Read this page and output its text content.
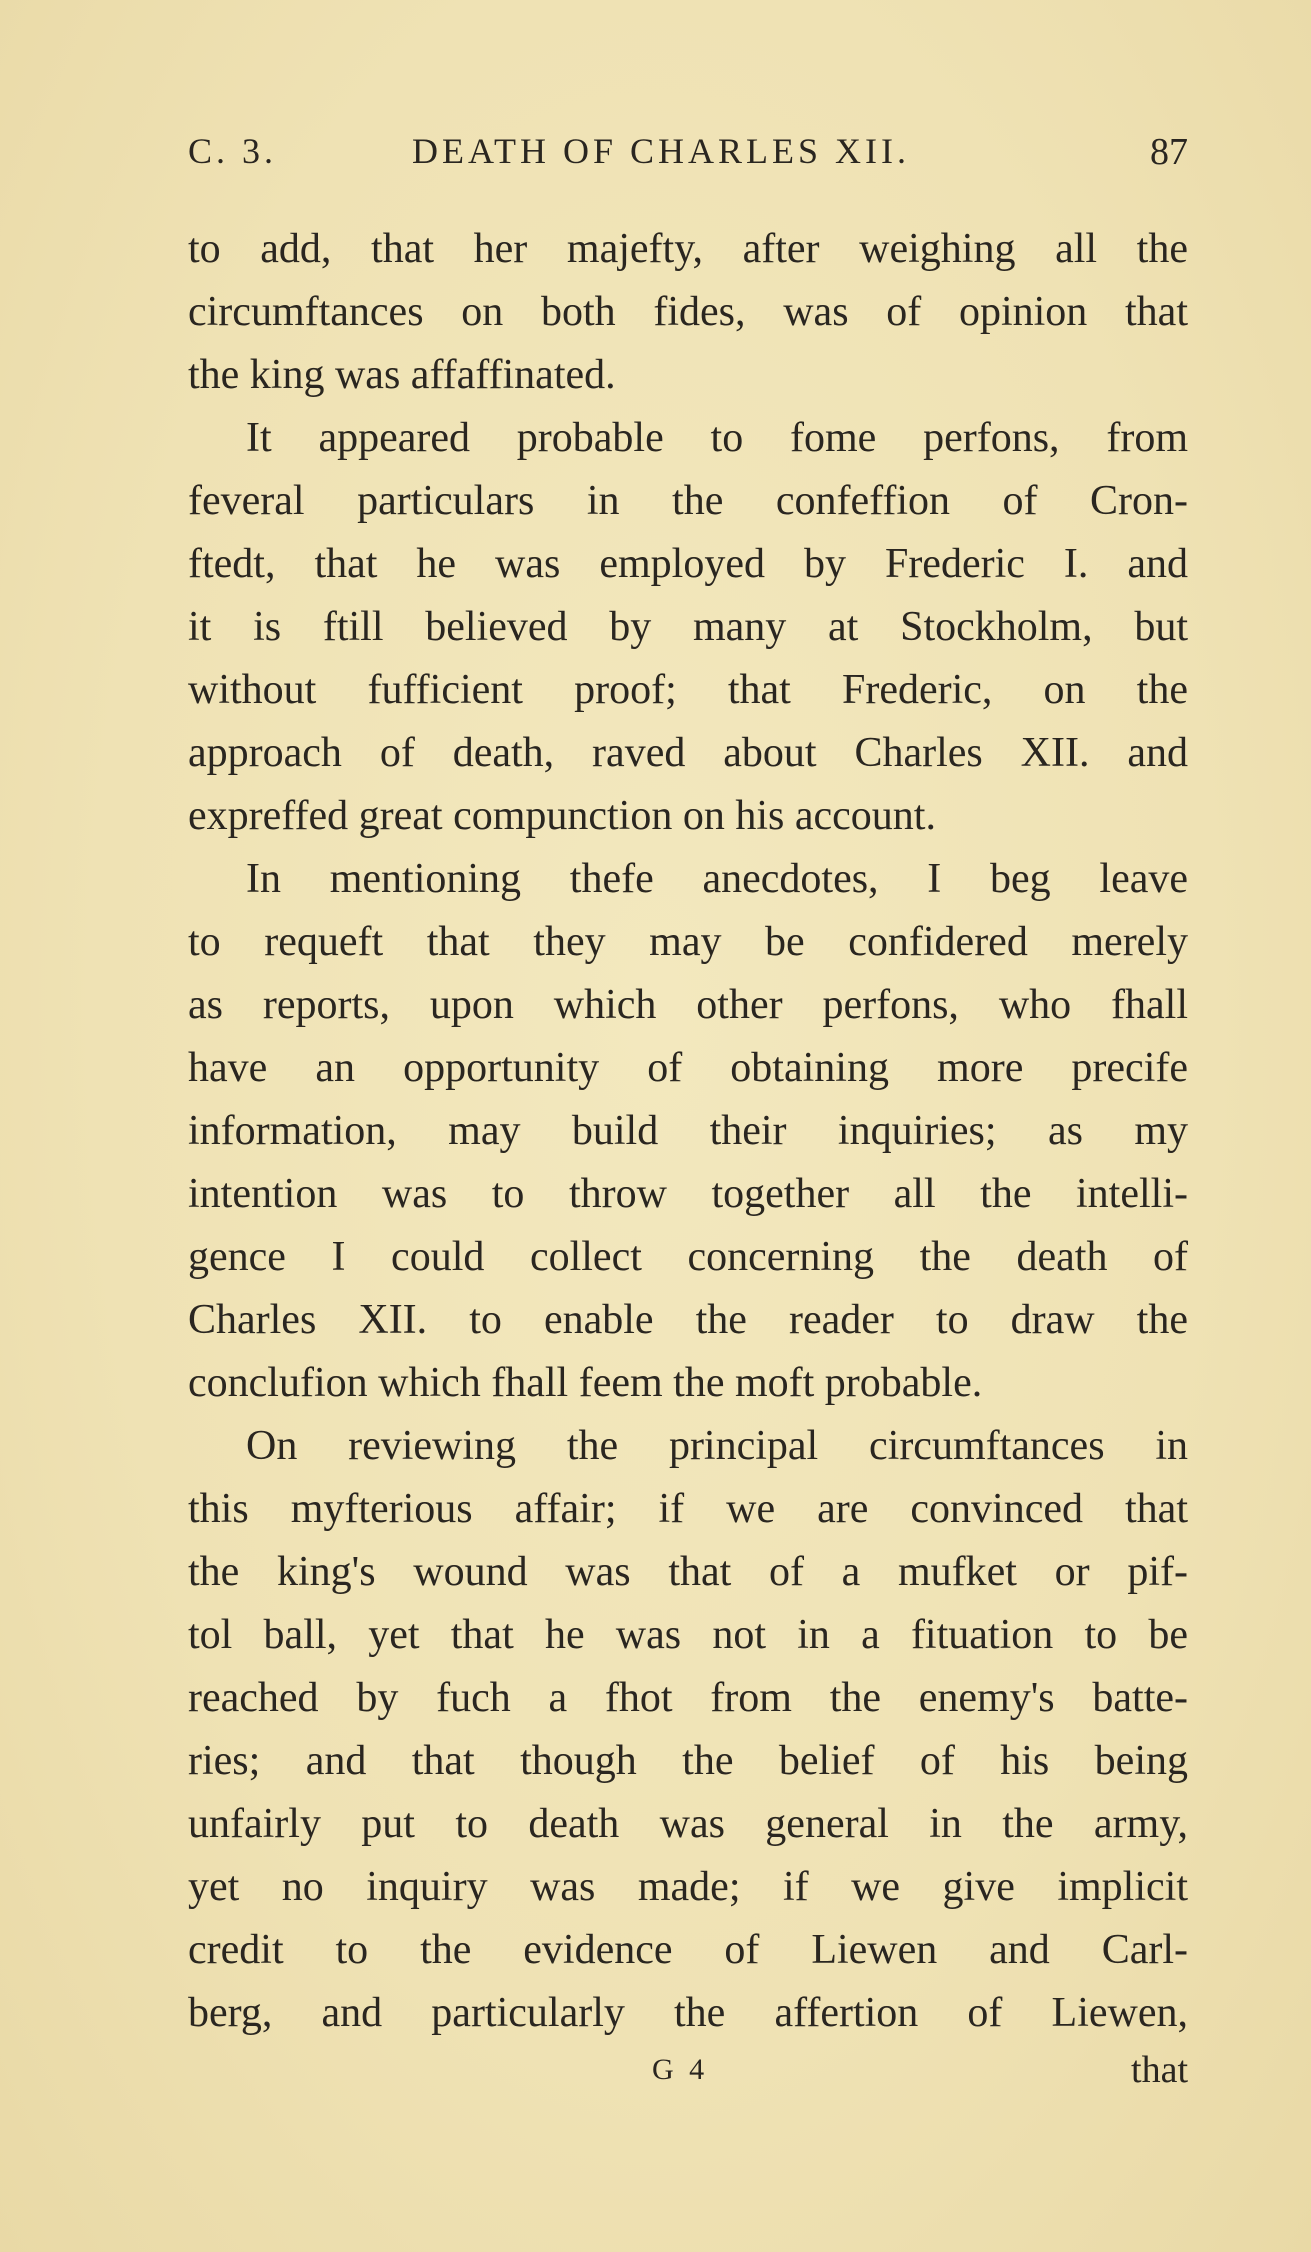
C. 3.	DEATH OF CHARLES XII.	87
to add, that her majefty, after weighing all the
circumftances on both fides, was of opinion that
the king was affaffinated.
It appeared probable to fome perfons, from
feveral particulars in the confeffion of Cron-
ftedt, that he was employed by Frederic I. and
it is ftill believed by many at Stockholm, but
without fufficient proof; that Frederic, on the
approach of death, raved about Charles XII. and
expreffed great compunction on his account.
In mentioning thefe anecdotes, I beg leave
to requeft that they may be confidered merely
as reports, upon which other perfons, who fhall
have an opportunity of obtaining more precife
information, may build their inquiries; as my
intention was to throw together all the intelli-
gence I could collect concerning the death of
Charles XII. to enable the reader to draw the
conclufion which fhall feem the moft probable.
On reviewing the principal circumftances in
this myfterious affair; if we are convinced that
the king's wound was that of a mufket or pif-
tol ball, yet that he was not in a fituation to be
reached by fuch a fhot from the enemy's batte-
ries; and that though the belief of his being
unfairly put to death was general in the army,
yet no inquiry was made; if we give implicit
credit to the evidence of Liewen and Carl-
berg, and particularly the affertion of Liewen,
G 4	that
